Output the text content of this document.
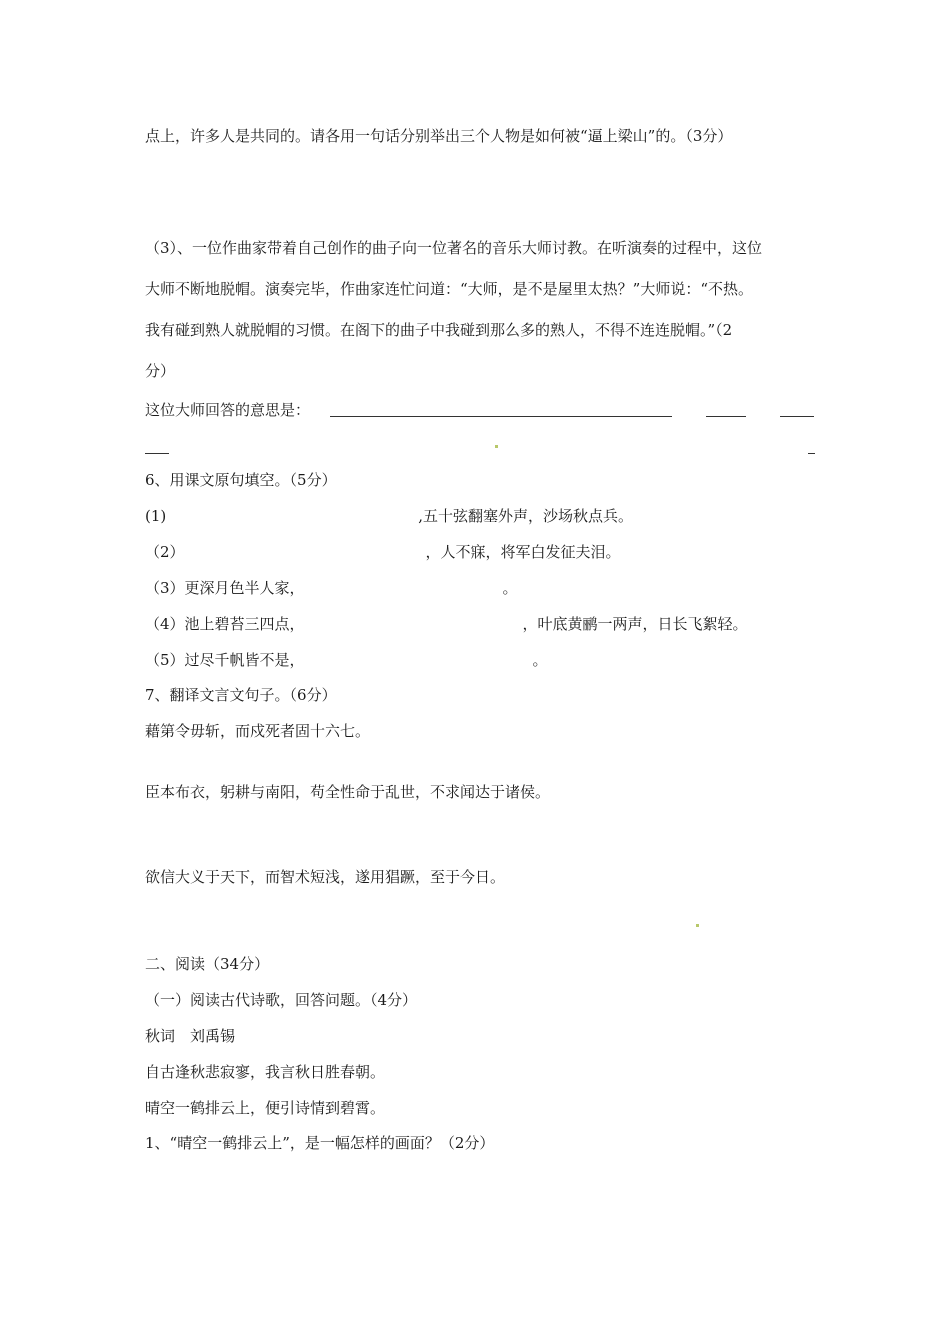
点上，许多人是共同的。请各用一句话分别举出三个人物是如何被“逼上梁山”的。（3分）
（3）、一位作曲家带着自己创作的曲子向一位著名的音乐大师讨教。在听演奏的过程中，这位
大师不断地脱帽。演奏完毕，作曲家连忙问道：“大师，是不是屋里太热？”大师说：“不热。
我有碰到熟人就脱帽的习惯。在阁下的曲子中我碰到那么多的熟人，不得不连连脱帽。”（2
分）
这位大师回答的意思是：
6、用课文原句填空。（5分）
(1)	,五十弦翻塞外声，沙场秋点兵。
（2）	，人不寐，将军白发征夫泪。
（3）更深月色半人家，	。
（4）池上碧苔三四点，	，叶底黄鹂一两声，日长飞絮轻。
（5）过尽千帆皆不是，	。
7、翻译文言文句子。（6分）
藉第令毋斩，而戍死者固十六七。
臣本布衣，躬耕与南阳，苟全性命于乱世，不求闻达于诸侯。
欲信大义于天下，而智术短浅，遂用猖蹶，至于今日。
二、阅读（34分）
（一）阅读古代诗歌，回答问题。（4分）
秋词　刘禹锡
自古逢秋悲寂寥，我言秋日胜春朝。
晴空一鹤排云上，便引诗情到碧霄。
1、“晴空一鹤排云上”，是一幅怎样的画面？（2分）
